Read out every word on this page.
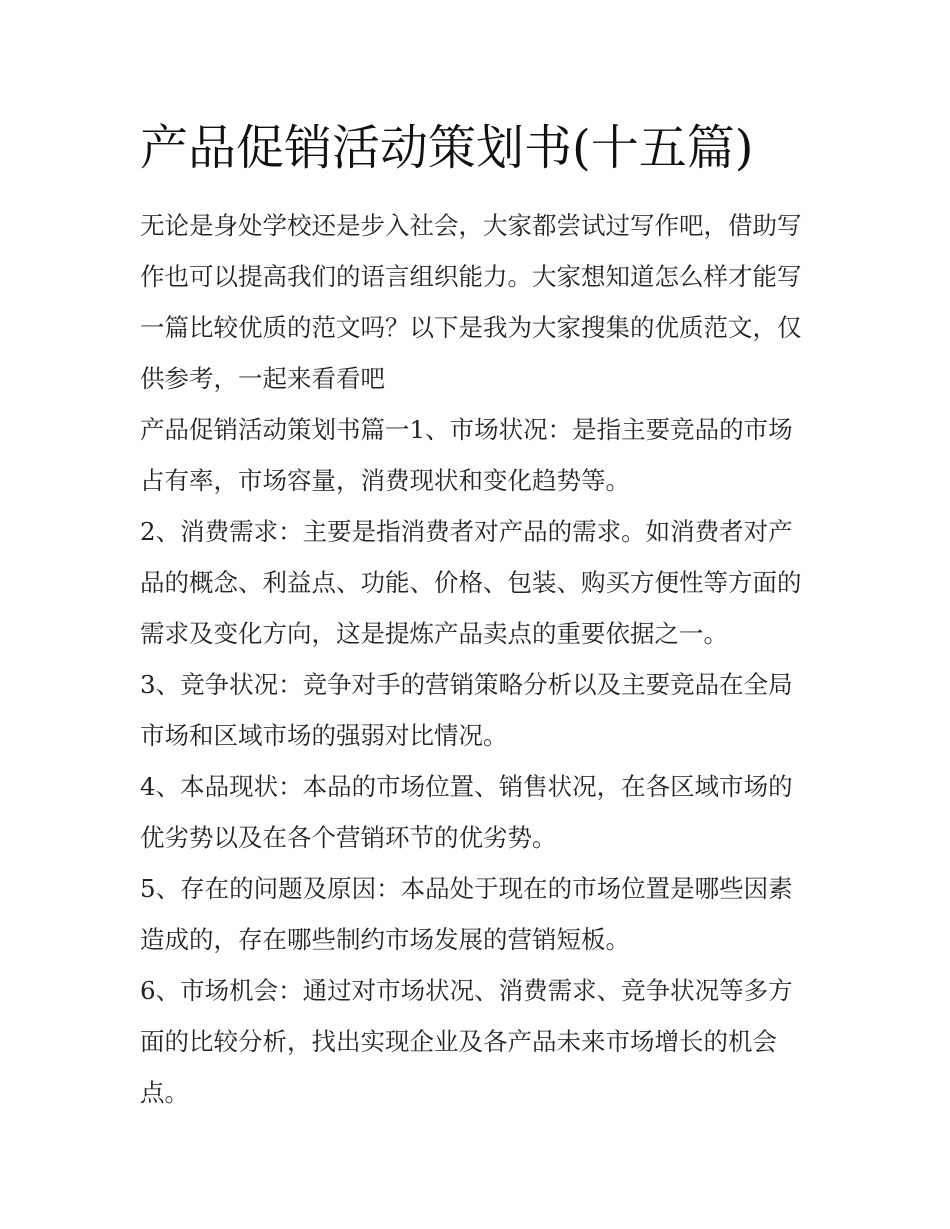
产品促销活动策划书(十五篇)

无论是身处学校还是步入社会，大家都尝试过写作吧，借助写作也可以提高我们的语言组织能力。大家想知道怎么样才能写一篇比较优质的范文吗？以下是我为大家搜集的优质范文，仅供参考，一起来看看吧

产品促销活动策划书篇一1、市场状况：是指主要竞品的市场占有率，市场容量，消费现状和变化趋势等。

2、消费需求：主要是指消费者对产品的需求。如消费者对产品的概念、利益点、功能、价格、包装、购买方便性等方面的需求及变化方向，这是提炼产品卖点的重要依据之一。

3、竞争状况：竞争对手的营销策略分析以及主要竞品在全局市场和区域市场的强弱对比情况。

4、本品现状：本品的市场位置、销售状况，在各区域市场的优劣势以及在各个营销环节的优劣势。

5、存在的问题及原因：本品处于现在的市场位置是哪些因素造成的，存在哪些制约市场发展的营销短板。

6、市场机会：通过对市场状况、消费需求、竞争状况等多方面的比较分析，找出实现企业及各产品未来市场增长的机会点。
